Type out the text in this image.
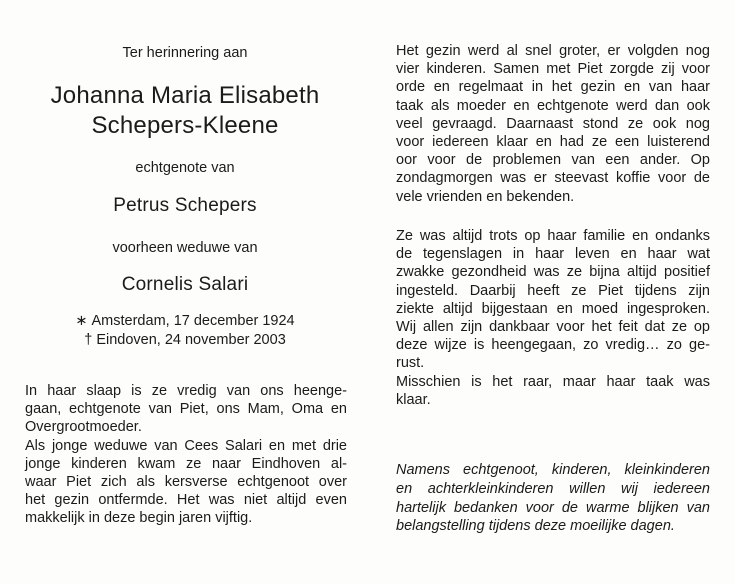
Ter herinnering aan
Johanna Maria Elisabeth
Schepers-Kleene
echtgenote van
Petrus Schepers
voorheen weduwe van
Cornelis Salari
∗ Amsterdam, 17 december 1924
† Eindoven, 24 november 2003
In haar slaap is ze vredig van ons heenge-
gaan, echtgenote van Piet, ons Mam, Oma en
Overgrootmoeder.
Als jonge weduwe van Cees Salari en met drie
jonge kinderen kwam ze naar Eindhoven al-
waar Piet zich als kersverse echtgenoot over
het gezin ontfermde. Het was niet altijd even
makkelijk in deze begin jaren vijftig.
Het gezin werd al snel groter, er volgden nog
vier kinderen. Samen met Piet zorgde zij voor
orde en regelmaat in het gezin en van haar
taak als moeder en echtgenote werd dan ook
veel gevraagd. Daarnaast stond ze ook nog
voor iedereen klaar en had ze een luisterend
oor voor de problemen van een ander. Op
zondagmorgen was er steevast koffie voor de
vele vrienden en bekenden.
Ze was altijd trots op haar familie en ondanks
de tegenslagen in haar leven en haar wat
zwakke gezondheid was ze bijna altijd positief
ingesteld. Daarbij heeft ze Piet tijdens zijn
ziekte altijd bijgestaan en moed ingesproken.
Wij allen zijn dankbaar voor het feit dat ze op
deze wijze is heengegaan, zo vredig… zo ge-
rust.
Misschien is het raar, maar haar taak was
klaar.
Namens echtgenoot, kinderen, kleinkinderen
en achterkleinkinderen willen wij iedereen
hartelijk bedanken voor de warme blijken van
belangstelling tijdens deze moeilijke dagen.
